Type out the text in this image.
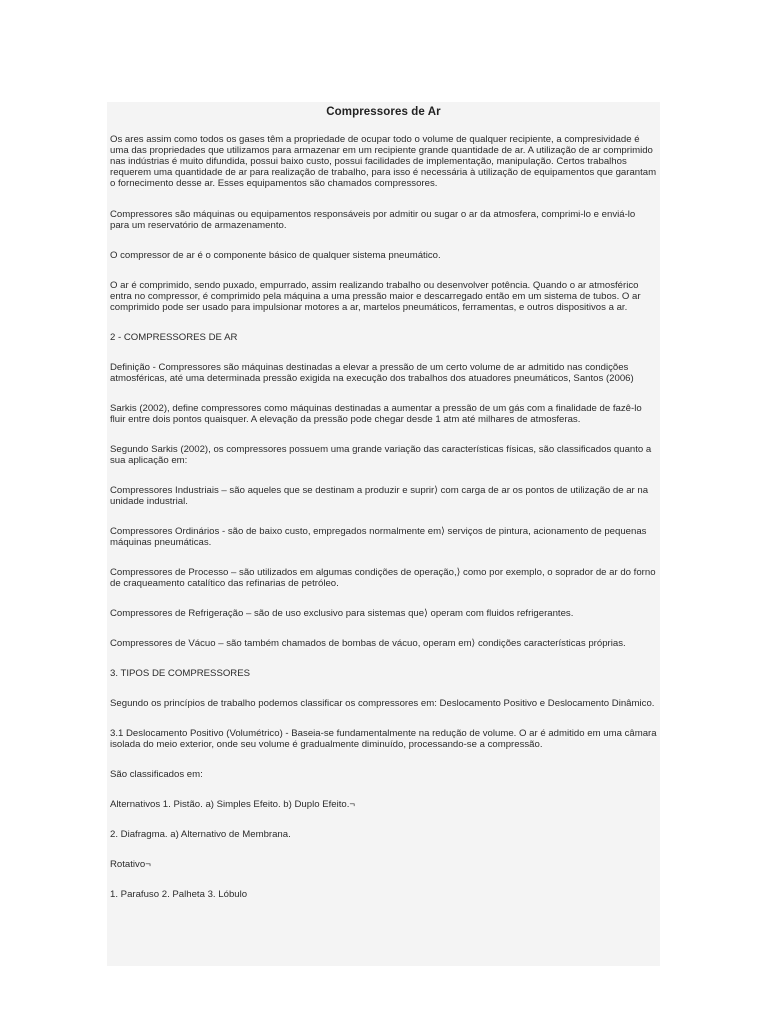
Compressores de Ar

Os ares assim como todos os gases têm a propriedade de ocupar todo o volume de qualquer recipiente, a compresividade é uma das propriedades que utilizamos para armazenar em um recipiente grande quantidade de ar. A utilização de ar comprimido nas indústrias é muito difundida, possui baixo custo, possui facilidades de implementação, manipulação. Certos trabalhos requerem uma quantidade de ar para realização de trabalho, para isso é necessária à utilização de equipamentos que garantam o fornecimento desse ar. Esses equipamentos são chamados compressores.

Compressores são máquinas ou equipamentos responsáveis por admitir ou sugar o ar da atmosfera, comprimi-lo e enviá-lo para um reservatório de armazenamento.

O compressor de ar é o componente básico de qualquer sistema pneumático.

O ar é comprimido, sendo puxado, empurrado, assim realizando trabalho ou desenvolver potência. Quando o ar atmosférico entra no compressor, é comprimido pela máquina a uma pressão maior e descarregado então em um sistema de tubos. O ar comprimido pode ser usado para impulsionar motores a ar, martelos pneumáticos, ferramentas, e outros dispositivos a ar.

2 - COMPRESSORES DE AR

Definição - Compressores são máquinas destinadas a elevar a pressão de um certo volume de ar admitido nas condições atmosféricas, até uma determinada pressão exigida na execução dos trabalhos dos atuadores pneumáticos, Santos (2006)

Sarkis (2002), define compressores como máquinas destinadas a aumentar a pressão de um gás com a finalidade de fazê-lo fluir entre dois pontos quaisquer. A elevação da pressão pode chegar desde 1 atm até milhares de atmosferas.

Segundo Sarkis (2002), os compressores possuem uma grande variação das características físicas, são classificados quanto a sua aplicação em:

Compressores Industriais – são aqueles que se destinam a produzir e suprir⟩ com carga de ar os pontos de utilização de ar na unidade industrial.

Compressores Ordinários - são de baixo custo, empregados normalmente em⟩ serviços de pintura, acionamento de pequenas máquinas pneumáticas.

Compressores de Processo – são utilizados em algumas condições de operação,⟩ como por exemplo, o soprador de ar do forno de craqueamento catalítico das refinarias de petróleo.

Compressores de Refrigeração – são de uso exclusivo para sistemas que⟩ operam com fluidos refrigerantes.

Compressores de Vácuo – são também chamados de bombas de vácuo, operam em⟩ condições características próprias.

3. TIPOS DE COMPRESSORES

Segundo os princípios de trabalho podemos classificar os compressores em: Deslocamento Positivo e Deslocamento Dinâmico.

3.1 Deslocamento Positivo (Volumétrico) - Baseia-se fundamentalmente na redução de volume. O ar é admitido em uma câmara isolada do meio exterior, onde seu volume é gradualmente diminuído, processando-se a compressão.

São classificados em:

Alternativos 1. Pistão. a) Simples Efeito. b) Duplo Efeito.¬

2. Diafragma. a) Alternativo de Membrana.

Rotativo¬

1. Parafuso 2. Palheta 3. Lóbulo
